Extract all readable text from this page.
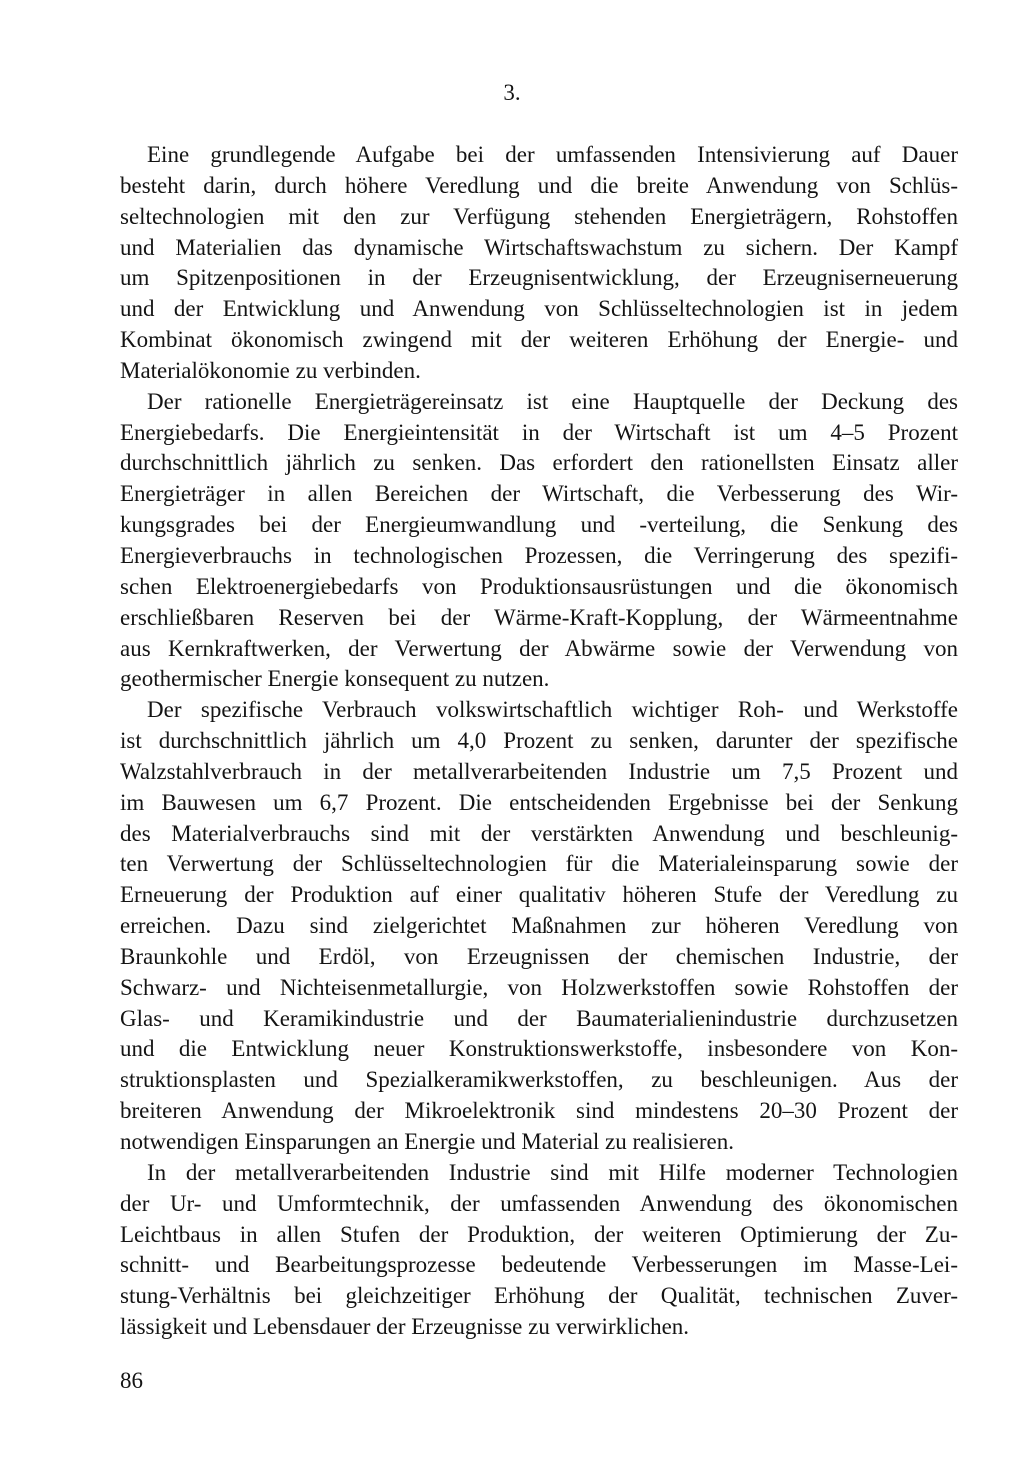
3.
Eine grundlegende Aufgabe bei der umfassenden Intensivierung auf Dauer
besteht darin, durch höhere Veredlung und die breite Anwendung von Schlüs-
seltechnologien mit den zur Verfügung stehenden Energieträgern, Rohstoffen
und Materialien das dynamische Wirtschaftswachstum zu sichern. Der Kampf
um Spitzenpositionen in der Erzeugnisentwicklung, der Erzeugniserneuerung
und der Entwicklung und Anwendung von Schlüsseltechnologien ist in jedem
Kombinat ökonomisch zwingend mit der weiteren Erhöhung der Energie- und
Materialökonomie zu verbinden.
Der rationelle Energieträgereinsatz ist eine Hauptquelle der Deckung des
Energiebedarfs. Die Energieintensität in der Wirtschaft ist um 4–5 Prozent
durchschnittlich jährlich zu senken. Das erfordert den rationellsten Einsatz aller
Energieträger in allen Bereichen der Wirtschaft, die Verbesserung des Wir-
kungsgrades bei der Energieumwandlung und -verteilung, die Senkung des
Energieverbrauchs in technologischen Prozessen, die Verringerung des spezifi-
schen Elektroenergiebedarfs von Produktionsausrüstungen und die ökonomisch
erschließbaren Reserven bei der Wärme-Kraft-Kopplung, der Wärmeentnahme
aus Kernkraftwerken, der Verwertung der Abwärme sowie der Verwendung von
geothermischer Energie konsequent zu nutzen.
Der spezifische Verbrauch volkswirtschaftlich wichtiger Roh- und Werkstoffe
ist durchschnittlich jährlich um 4,0 Prozent zu senken, darunter der spezifische
Walzstahlverbrauch in der metallverarbeitenden Industrie um 7,5 Prozent und
im Bauwesen um 6,7 Prozent. Die entscheidenden Ergebnisse bei der Senkung
des Materialverbrauchs sind mit der verstärkten Anwendung und beschleunig-
ten Verwertung der Schlüsseltechnologien für die Materialeinsparung sowie der
Erneuerung der Produktion auf einer qualitativ höheren Stufe der Veredlung zu
erreichen. Dazu sind zielgerichtet Maßnahmen zur höheren Veredlung von
Braunkohle und Erdöl, von Erzeugnissen der chemischen Industrie, der
Schwarz- und Nichteisenmetallurgie, von Holzwerkstoffen sowie Rohstoffen der
Glas- und Keramikindustrie und der Baumaterialienindustrie durchzusetzen
und die Entwicklung neuer Konstruktionswerkstoffe, insbesondere von Kon-
struktionsplasten und Spezialkeramikwerkstoffen, zu beschleunigen. Aus der
breiteren Anwendung der Mikroelektronik sind mindestens 20–30 Prozent der
notwendigen Einsparungen an Energie und Material zu realisieren.
In der metallverarbeitenden Industrie sind mit Hilfe moderner Technologien
der Ur- und Umformtechnik, der umfassenden Anwendung des ökonomischen
Leichtbaus in allen Stufen der Produktion, der weiteren Optimierung der Zu-
schnitt- und Bearbeitungsprozesse bedeutende Verbesserungen im Masse-Lei-
stung-Verhältnis bei gleichzeitiger Erhöhung der Qualität, technischen Zuver-
lässigkeit und Lebensdauer der Erzeugnisse zu verwirklichen.
86
